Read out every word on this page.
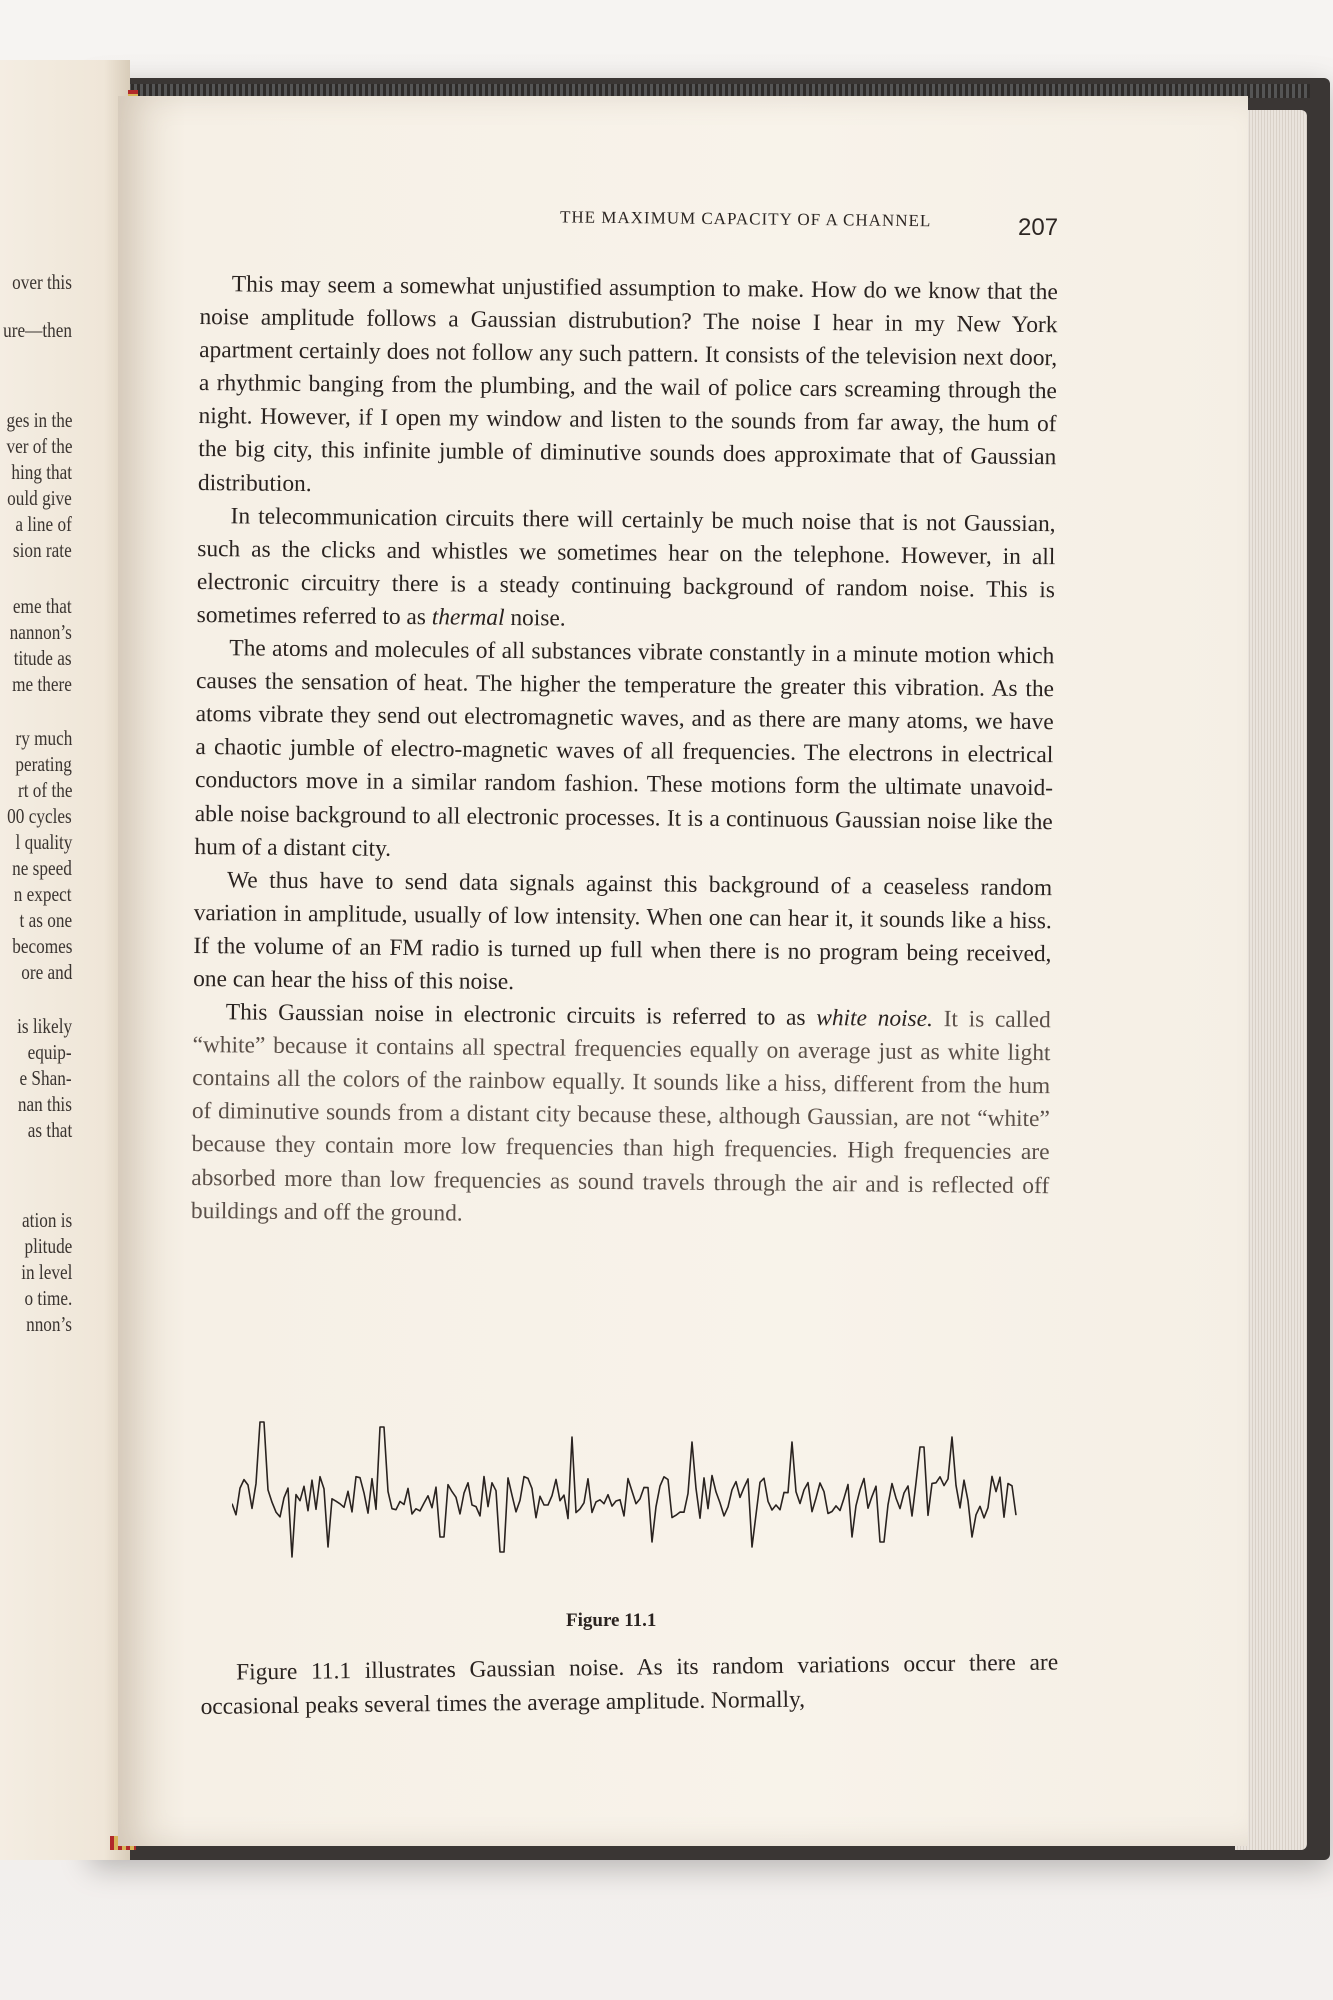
over this
ure—then
ges in the
ver of the
hing that
ould give
a line of
sion rate
eme that
nannon’s
titude as
me there
ry much
perating
rt of the
00 cycles
l quality
ne speed
n expect
t as one
becomes
ore and
is likely
equip-
e Shan-
nan this
as that
ation is
plitude
in level
o time.
nnon’s
THE MAXIMUM CAPACITY OF A CHANNEL	207

This may seem a somewhat unjustified assumption to make. How do we know that the noise amplitude follows a Gaussian distrubution? The noise I hear in my New York apartment certainly does not follow any such pattern. It consists of the television next door, a rhythmic banging from the plumbing, and the wail of police cars screaming through the night. However, if I open my window and listen to the sounds from far away, the hum of the big city, this infinite jumble of diminutive sounds does approximate that of Gaussian distribution.

In telecommunication circuits there will certainly be much noise that is not Gaussian, such as the clicks and whistles we sometimes hear on the telephone. However, in all electronic circuitry there is a steady continuing background of random noise. This is sometimes referred to as thermal noise.

The atoms and molecules of all substances vibrate constantly in a minute motion which causes the sensation of heat. The higher the temperature the greater this vibration. As the atoms vibrate they send out electromagnetic waves, and as there are many atoms, we have a chaotic jumble of electro-magnetic waves of all frequencies. The electrons in electrical conductors move in a similar random fashion. These motions form the ultimate unavoid-able noise background to all electronic processes. It is a continuous Gaussian noise like the hum of a distant city.

We thus have to send data signals against this background of a ceaseless random variation in amplitude, usually of low intensity. When one can hear it, it sounds like a hiss. If the volume of an FM radio is turned up full when there is no program being received, one can hear the hiss of this noise.

This Gaussian noise in electronic circuits is referred to as white noise. It is called “white” because it contains all spectral frequencies equally on average just as white light contains all the colors of the rainbow equally. It sounds like a hiss, different from the hum of diminutive sounds from a distant city because these, although Gaussian, are not “white” because they contain more low frequencies than high frequencies. High frequencies are absorbed more than low frequencies as sound travels through the air and is reflected off buildings and off the ground.

Figure 11.1

Figure 11.1 illustrates Gaussian noise. As its random variations occur there are occasional peaks several times the average amplitude. Normally,
